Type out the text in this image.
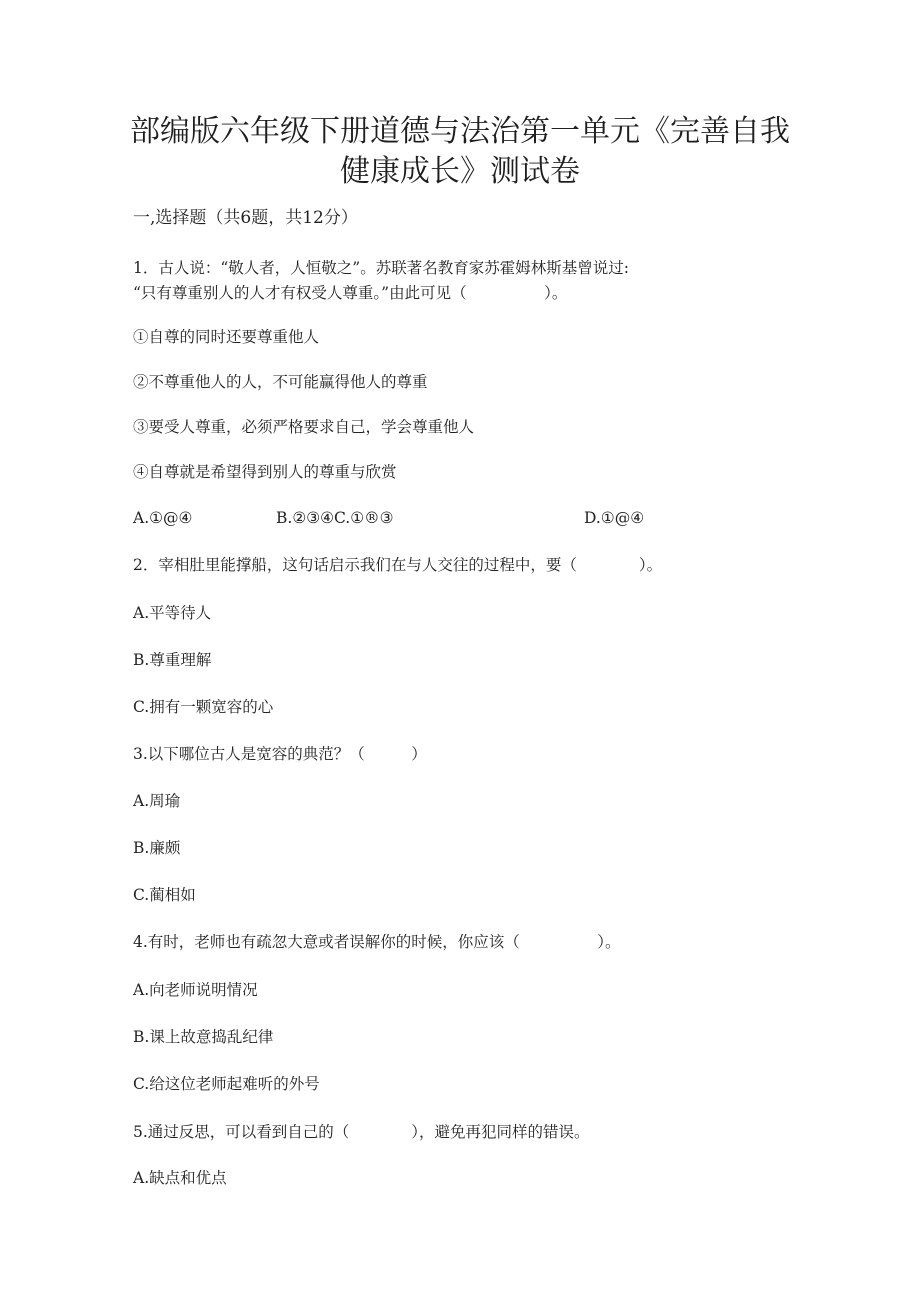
部编版六年级下册道德与法治第一单元《完善自我
健康成长》测试卷
一,选择题（共6题，共12分）
1．古人说：“敬人者，人恒敬之”。苏联著名教育家苏霍姆林斯基曾说过:
“只有尊重别人的人才有权受人尊重。”由此可见（　　　　　）。
①自尊的同时还要尊重他人
②不尊重他人的人，不可能赢得他人的尊重
③要受人尊重，必须严格要求自己，学会尊重他人
④自尊就是希望得到别人的尊重与欣赏
A.①@④	B.②③④C.①®③	D.①@④
2．宰相肚里能撑船，这句话启示我们在与人交往的过程中，要（　　　　）。
A.平等待人
B.尊重理解
C.拥有一颗宽容的心
3.以下哪位古人是宽容的典范？（　　　）
A.周瑜
B.廉颇
C.蔺相如
4.有时，老师也有疏忽大意或者误解你的时候，你应该（　　　　　）。
A.向老师说明情况
B.课上故意捣乱纪律
C.给这位老师起难听的外号
5.通过反思，可以看到自己的（　　　　），避免再犯同样的错误。
A.缺点和优点
